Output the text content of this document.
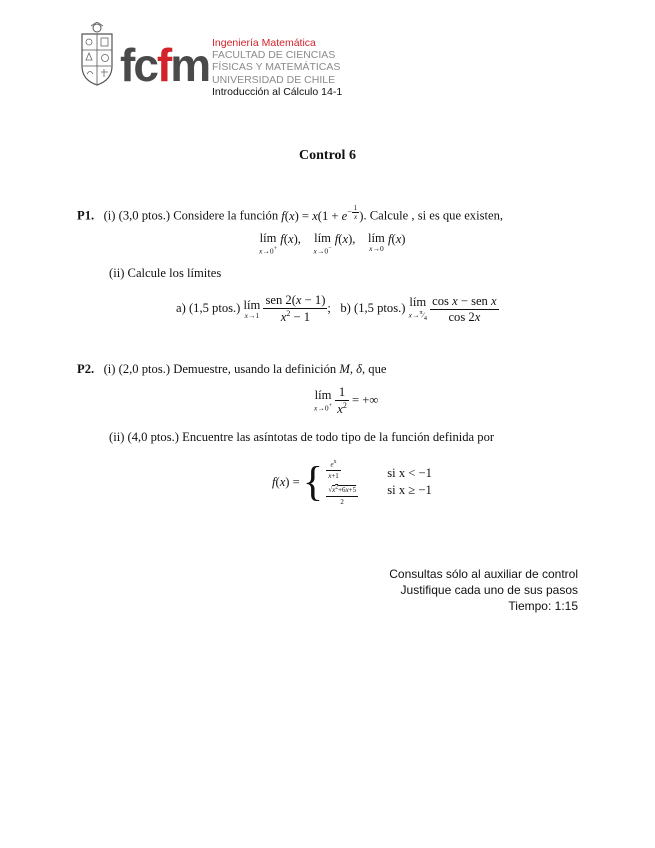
fcfm Ingeniería Matemática
FACULTAD DE CIENCIAS
FÍSICAS Y MATEMÁTICAS
UNIVERSIDAD DE CHILE
Introducción al Cálculo 14-1
Control 6
P1. (i) (3,0 ptos.) Considere la función $f(x) = x(1 + e^{- \frac{1}{x}}$ ). Calcule , si es que existen,
lím
x→0+
f(x), lím
x→0−
f(x), lím
x→0
f(x)
(ii) Calcule los límites
a) (1,5 ptos.) lím
x→1
$\frac{\text{sen 2(x − 1)}}{x^2 - 1}$ ;   b) (1,5 ptos.) lím
$x\to^\pi⁄_4$
$\frac{\text{cos x − sen x}}{\cos 2x}$
P2. (i) (2,0 ptos.) Demuestre, usando la definición M, δ, que
lím
x→0+
$\frac{1}{x^2}$ = +∞
(ii) (4,0 ptos.) Encuentre las asíntotas de todo tipo de la función definida por
f(x) = { $\frac{e^x}{x+1}$

$\frac{√x^2+6x+5}{2}$
si x < −1
si x ≥ −1
Consultas sólo al auxiliar de control
Justifique cada uno de sus pasos
Tiempo: 1:15
